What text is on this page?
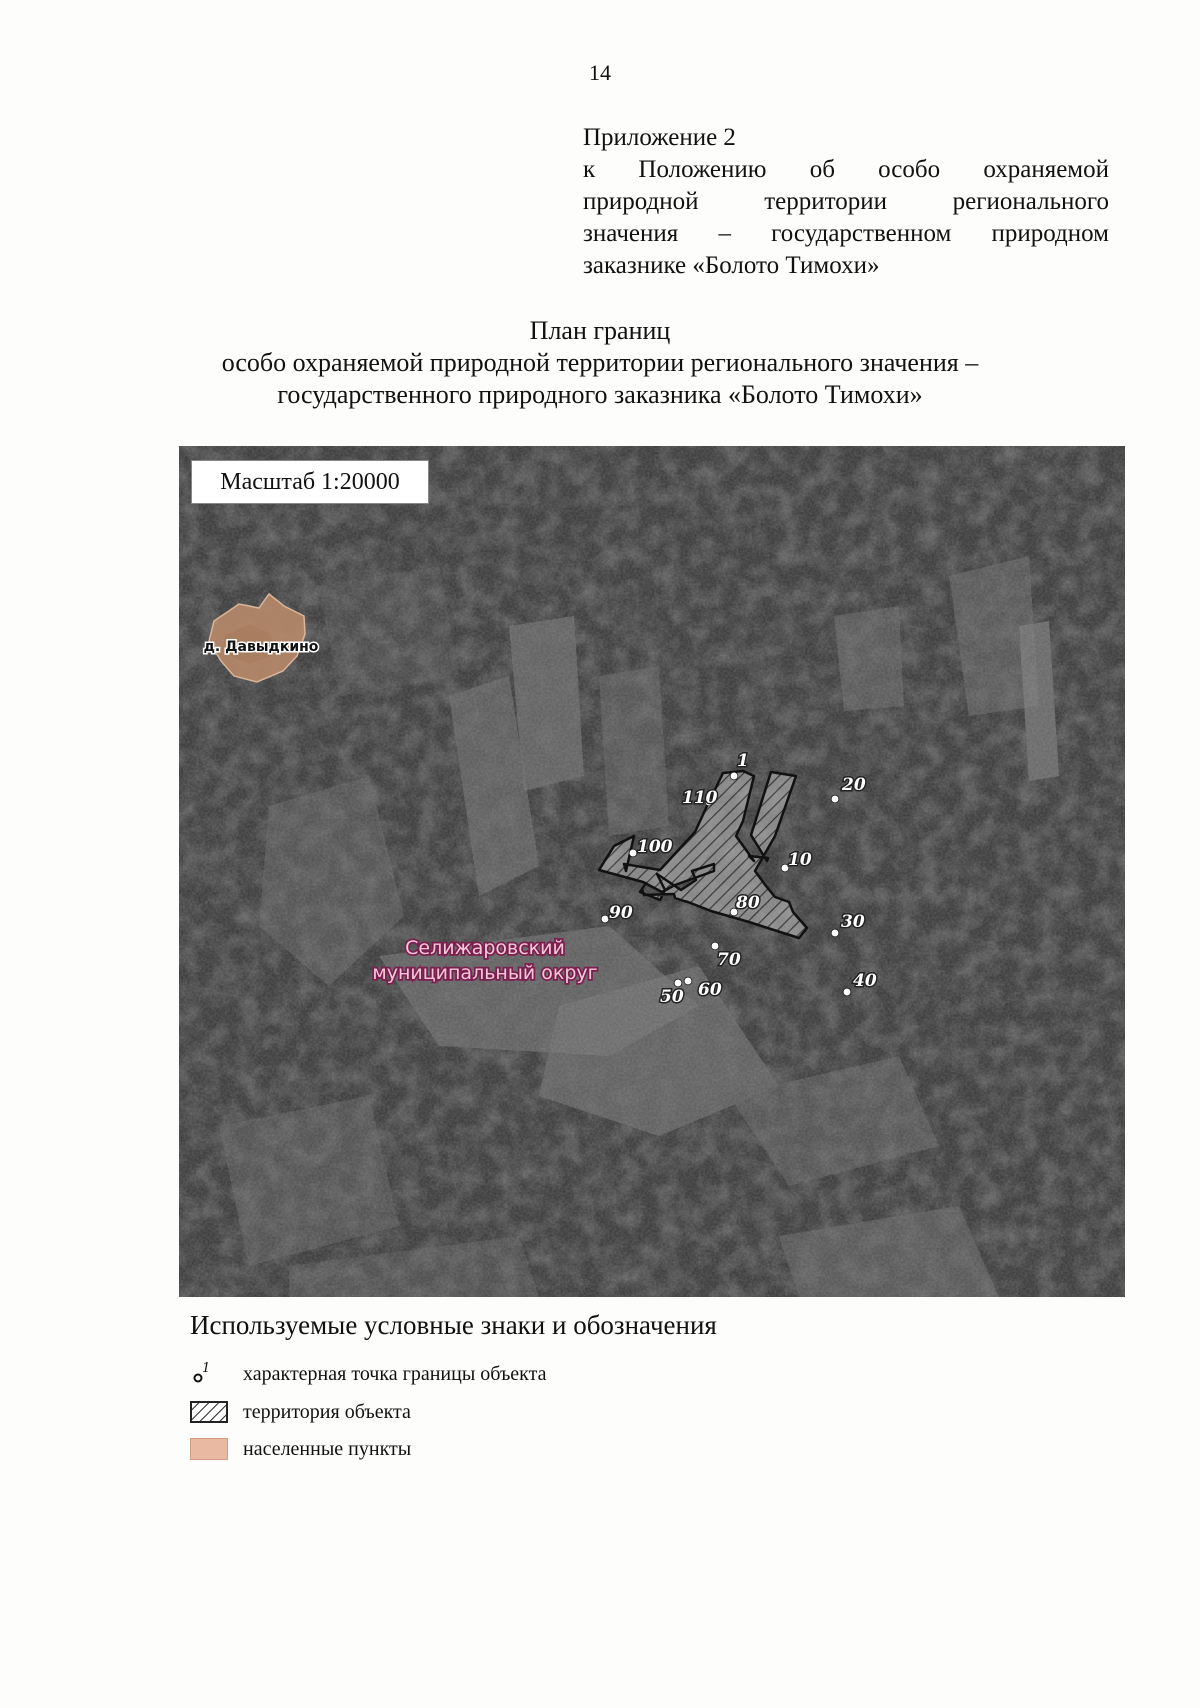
14
Приложение 2
к Положению об особо охраняемой
природной территории регионального
значения – государственном природном
заказнике «Болото Тимохи»
План границ
особо охраняемой природной территории регионального значения –
государственного природного заказника «Болото Тимохи»
д. Давыдкино
1
110
100
90	80
70
60
50
40
30
20
10
Селижаровский
муниципальный округ
Масштаб 1:20000
Используемые условные знаки и обозначения
1 характерная точка границы объекта
территория объекта
населенные пункты
